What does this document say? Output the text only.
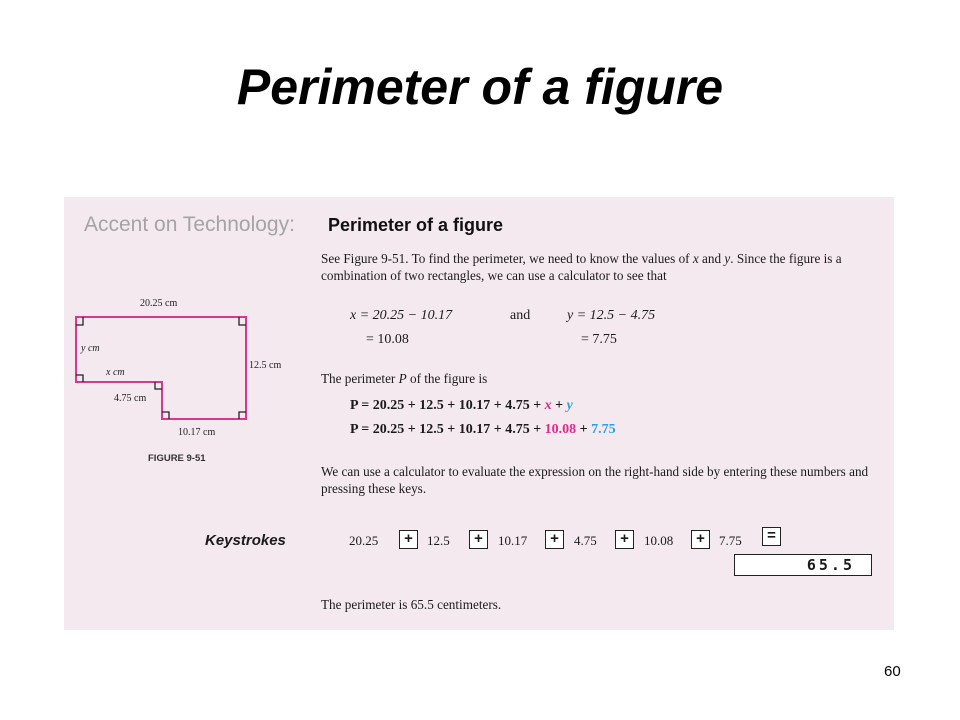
Perimeter of a figure
Accent on Technology: Perimeter of a figure
20.25 cm
12.5 cm
y cm
x cm
4.75 cm
10.17 cm
FIGURE 9-51
See Figure 9-51. To find the perimeter, we need to know the values of x and y. Since the figure is a combination of two rectangles, we can use a calculator to see that
x = 20.25 − 10.17
= 10.08
and	y = 12.5 − 4.75
= 7.75
The perimeter P of the figure is
P = 20.25 + 12.5 + 10.17 + 4.75 + x + y
P = 20.25 + 12.5 + 10.17 + 4.75 + 10.08 + 7.75
We can use a calculator to evaluate the expression on the right-hand side by entering these numbers and pressing these keys.
Keystrokes	20.25	+	12.5	+	10.17	+	4.75	+	10.08	+	7.75	=
65.5
The perimeter is 65.5 centimeters.
60
